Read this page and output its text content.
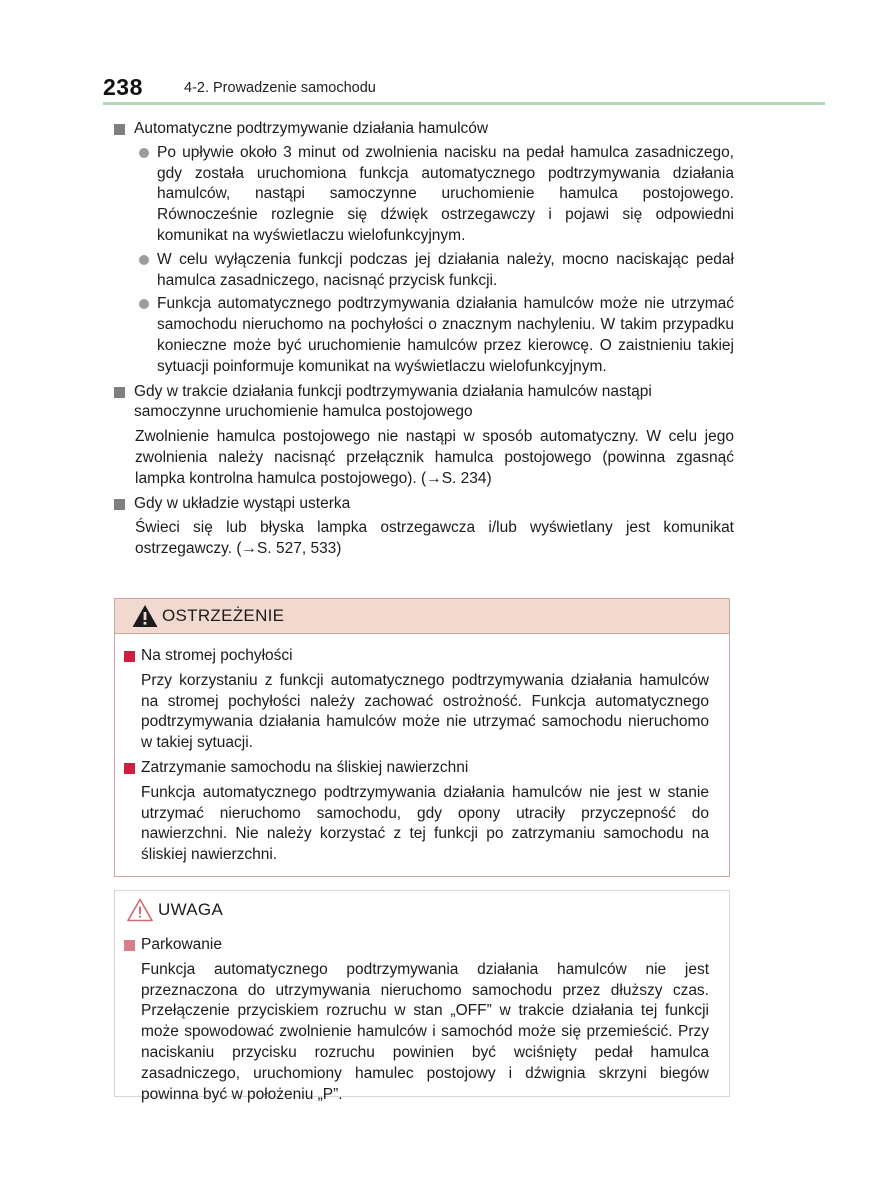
238	4-2. Prowadzenie samochodu
Automatyczne podtrzymywanie działania hamulców
Po upływie około 3 minut od zwolnienia nacisku na pedał hamulca zasadniczego, gdy została uruchomiona funkcja automatycznego podtrzymywania działania hamulców, nastąpi samoczynne uruchomienie hamulca postojowego. Równocześnie rozlegnie się dźwięk ostrzegawczy i pojawi się odpowiedni komunikat na wyświetlaczu wielofunkcyjnym.
W celu wyłączenia funkcji podczas jej działania należy, mocno naciskając pedał hamulca zasadniczego, nacisnąć przycisk funkcji.
Funkcja automatycznego podtrzymywania działania hamulców może nie utrzymać samochodu nieruchomo na pochyłości o znacznym nachyleniu. W takim przypadku konieczne może być uruchomienie hamulców przez kierowcę. O zaistnieniu takiej sytuacji poinformuje komunikat na wyświetlaczu wielofunkcyjnym.
Gdy w trakcie działania funkcji podtrzymywania działania hamulców nastąpi samoczynne uruchomienie hamulca postojowego
Zwolnienie hamulca postojowego nie nastąpi w sposób automatyczny. W celu jego zwolnienia należy nacisnąć przełącznik hamulca postojowego (powinna zgasnąć lampka kontrolna hamulca postojowego). (→S. 234)
Gdy w układzie wystąpi usterka
Świeci się lub błyska lampka ostrzegawcza i/lub wyświetlany jest komunikat ostrzegawczy. (→S. 527, 533)
OSTRZEŻENIE
Na stromej pochyłości
Przy korzystaniu z funkcji automatycznego podtrzymywania działania hamulców na stromej pochyłości należy zachować ostrożność. Funkcja automatycznego podtrzymywania działania hamulców może nie utrzymać samochodu nieruchomo w takiej sytuacji.
Zatrzymanie samochodu na śliskiej nawierzchni
Funkcja automatycznego podtrzymywania działania hamulców nie jest w stanie utrzymać nieruchomo samochodu, gdy opony utraciły przyczepność do nawierzchni. Nie należy korzystać z tej funkcji po zatrzymaniu samochodu na śliskiej nawierzchni.
UWAGA
Parkowanie
Funkcja automatycznego podtrzymywania działania hamulców nie jest przeznaczona do utrzymywania nieruchomo samochodu przez dłuższy czas. Przełączenie przyciskiem rozruchu w stan „OFF” w trakcie działania tej funkcji może spowodować zwolnienie hamulców i samochód może się przemieścić. Przy naciskaniu przycisku rozruchu powinien być wciśnięty pedał hamulca zasadniczego, uruchomiony hamulec postojowy i dźwignia skrzyni biegów powinna być w położeniu „P”.
